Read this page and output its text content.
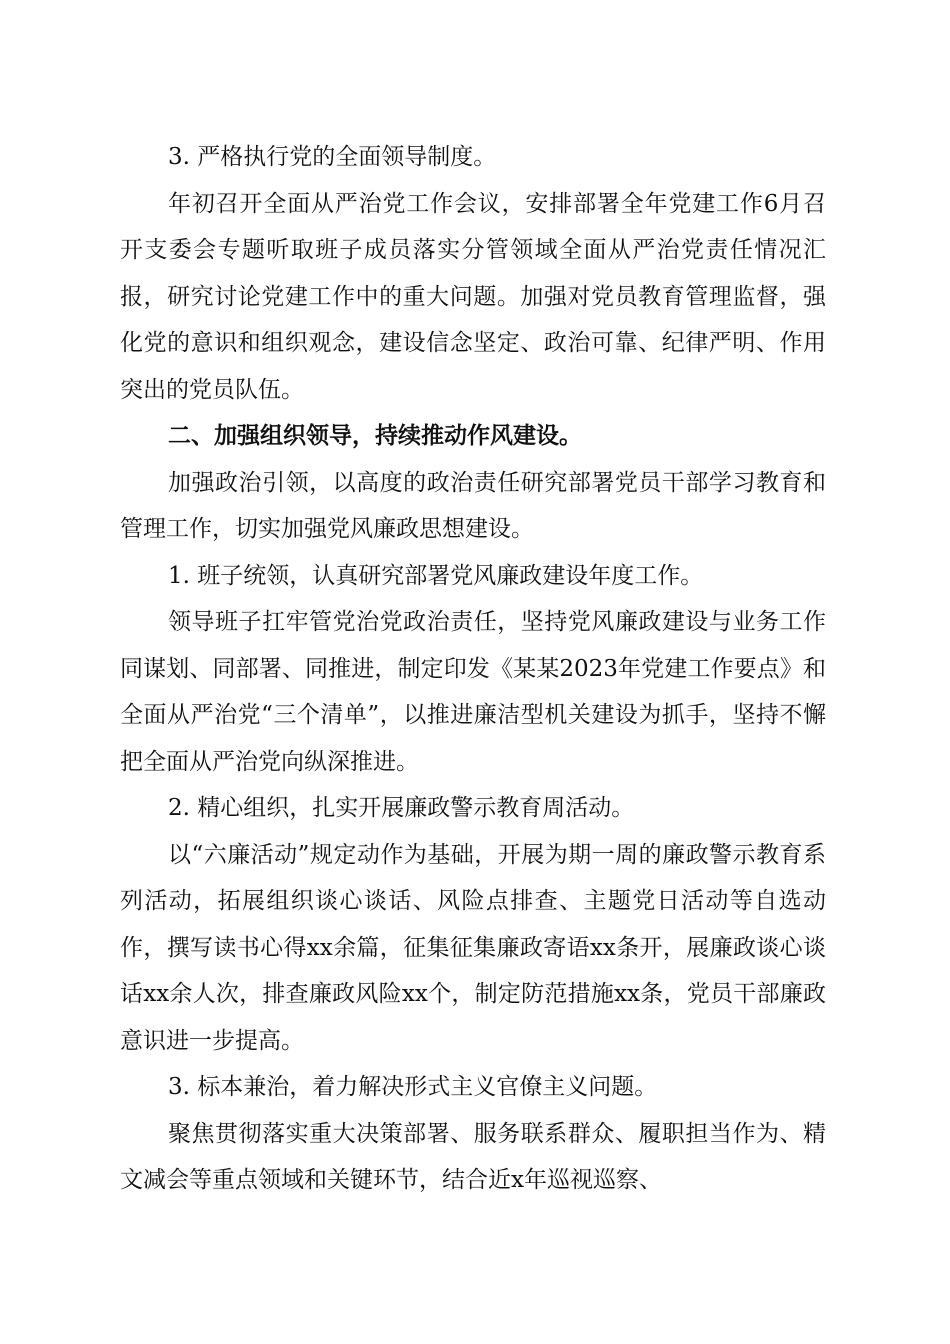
3. 严格执行党的全面领导制度。

年初召开全面从严治党工作会议，安排部署全年党建工作6月召开支委会专题听取班子成员落实分管领域全面从严治党责任情况汇报，研究讨论党建工作中的重大问题。加强对党员教育管理监督，强化党的意识和组织观念，建设信念坚定、政治可靠、纪律严明、作用突出的党员队伍。

二、加强组织领导，持续推动作风建设。

加强政治引领，以高度的政治责任研究部署党员干部学习教育和管理工作，切实加强党风廉政思想建设。

1. 班子统领，认真研究部署党风廉政建设年度工作。

领导班子扛牢管党治党政治责任，坚持党风廉政建设与业务工作同谋划、同部署、同推进，制定印发《某某2023年党建工作要点》和全面从严治党“三个清单”，以推进廉洁型机关建设为抓手，坚持不懈把全面从严治党向纵深推进。

2. 精心组织，扎实开展廉政警示教育周活动。

以“六廉活动”规定动作为基础，开展为期一周的廉政警示教育系列活动，拓展组织谈心谈话、风险点排查、主题党日活动等自选动作，撰写读书心得xx余篇，征集征集廉政寄语xx条开，展廉政谈心谈话xx余人次，排查廉政风险xx个，制定防范措施xx条，党员干部廉政意识进一步提高。

3. 标本兼治，着力解决形式主义官僚主义问题。

聚焦贯彻落实重大决策部署、服务联系群众、履职担当作为、精文减会等重点领域和关键环节，结合近x年巡视巡察、
